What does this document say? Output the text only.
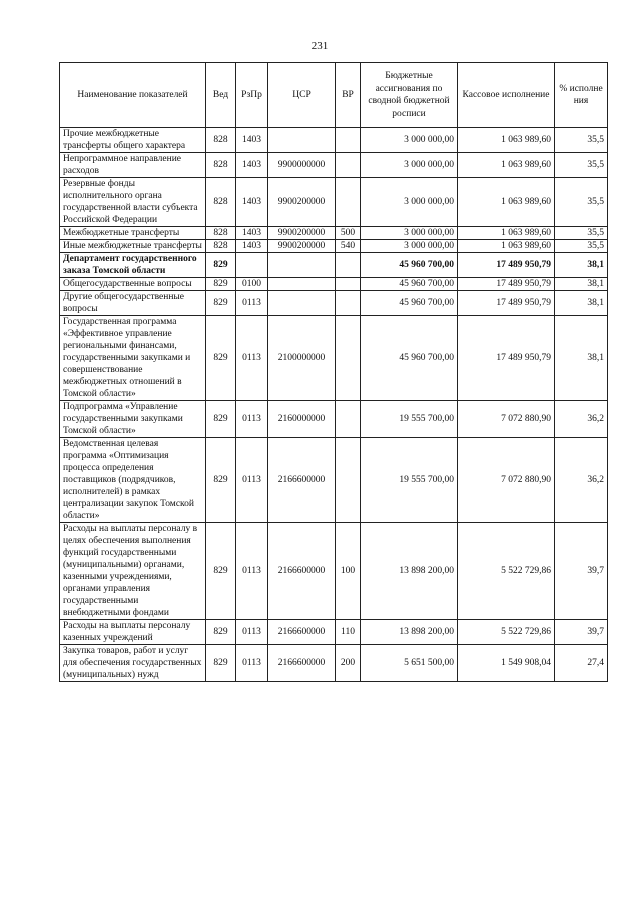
231
Наименование показателей	Вед	РзПр	ЦСР	ВР	Бюджетные ассигнования по сводной бюджетной росписи	Кассовое исполнение	% исполне ния
Прочие межбюджетные трансферты общего характера	828	1403			3 000 000,00	1 063 989,60	35,5
Непрограммное направление расходов	828	1403	9900000000		3 000 000,00	1 063 989,60	35,5
Резервные фонды исполнительного органа государственной власти субъекта Российской Федерации	828	1403	9900200000		3 000 000,00	1 063 989,60	35,5
Межбюджетные трансферты	828	1403	9900200000	500	3 000 000,00	1 063 989,60	35,5
Иные межбюджетные трансферты	828	1403	9900200000	540	3 000 000,00	1 063 989,60	35,5
Департамент государственного заказа Томской области	829				45 960 700,00	17 489 950,79	38,1
Общегосударственные вопросы	829	0100			45 960 700,00	17 489 950,79	38,1
Другие общегосударственные вопросы	829	0113			45 960 700,00	17 489 950,79	38,1
Государственная программа «Эффективное управление региональными финансами, государственными закупками и совершенствование межбюджетных отношений в Томской области»	829	0113	2100000000		45 960 700,00	17 489 950,79	38,1
Подпрограмма «Управление государственными закупками Томской области»	829	0113	2160000000		19 555 700,00	7 072 880,90	36,2
Ведомственная целевая программа «Оптимизация процесса определения поставщиков (подрядчиков, исполнителей) в рамках централизации закупок Томской области»	829	0113	2166600000		19 555 700,00	7 072 880,90	36,2
Расходы на выплаты персоналу в целях обеспечения выполнения функций государственными (муниципальными) органами, казенными учреждениями, органами управления государственными внебюджетными фондами	829	0113	2166600000	100	13 898 200,00	5 522 729,86	39,7
Расходы на выплаты персоналу казенных учреждений	829	0113	2166600000	110	13 898 200,00	5 522 729,86	39,7
Закупка товаров, работ и услуг для обеспечения государственных (муниципальных) нужд	829	0113	2166600000	200	5 651 500,00	1 549 908,04	27,4
